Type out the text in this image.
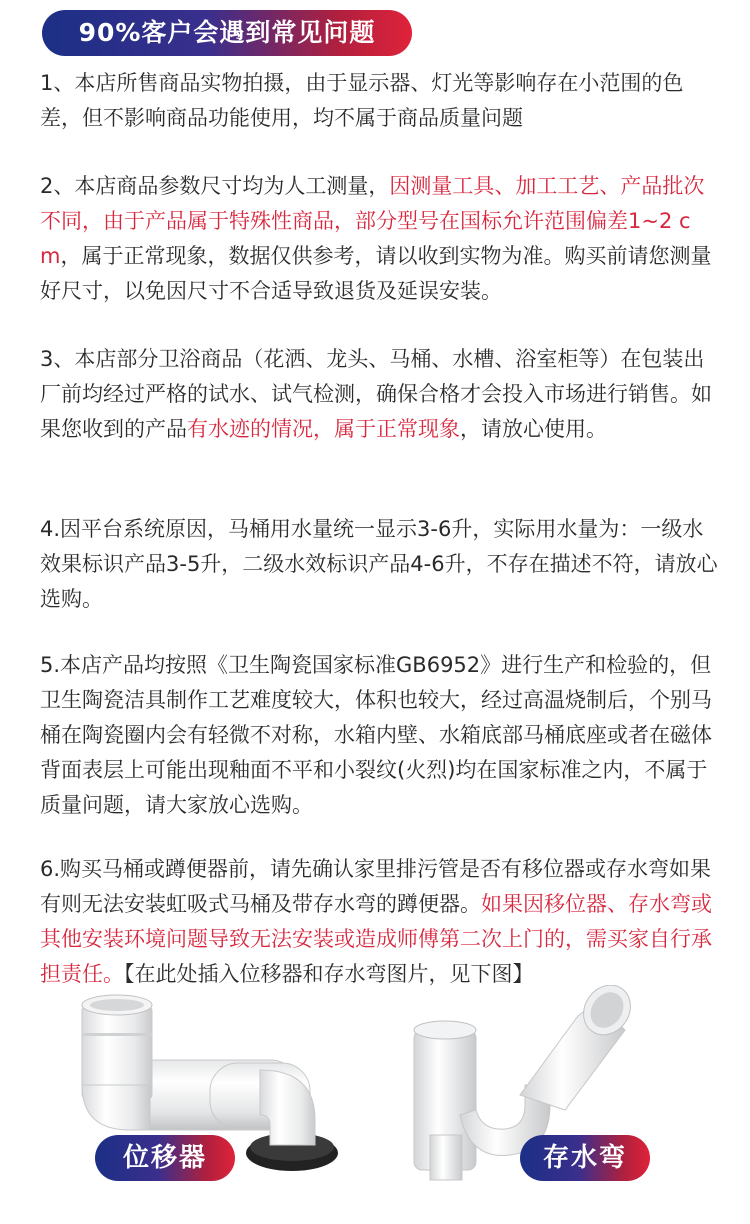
90%客户会遇到常见问题

1、本店所售商品实物拍摄，由于显示器、灯光等影响存在小范围的色差，但不影响商品功能使用，均不属于商品质量问题

2、本店商品参数尺寸均为人工测量，因测量工具、加工工艺、产品批次不同，由于产品属于特殊性商品，部分型号在国标允许范围偏差1~2 cm，属于正常现象，数据仅供参考，请以收到实物为准。购买前请您测量好尺寸，以免因尺寸不合适导致退货及延误安装。

3、本店部分卫浴商品（花洒、龙头、马桶、水槽、浴室柜等）在包装出厂前均经过严格的试水、试气检测，确保合格才会投入市场进行销售。如果您收到的产品有水迹的情况，属于正常现象，请放心使用。

4.因平台系统原因，马桶用水量统一显示3-6升，实际用水量为：一级水效果标识产品3-5升，二级水效标识产品4-6升，不存在描述不符，请放心选购。

5.本店产品均按照《卫生陶瓷国家标准GB6952》进行生产和检验的，但卫生陶瓷洁具制作工艺难度较大，体积也较大，经过高温烧制后，个别马桶在陶瓷圈内会有轻微不对称，水箱内壁、水箱底部马桶底座或者在磁体背面表层上可能出现釉面不平和小裂纹(火烈)均在国家标准之内，不属于质量问题，请大家放心选购。

6.购买马桶或蹲便器前，请先确认家里排污管是否有移位器或存水弯如果有则无法安装虹吸式马桶及带存水弯的蹲便器。如果因移位器、存水弯或其他安装环境问题导致无法安装或造成师傅第二次上门的，需买家自行承担责任。【在此处插入位移器和存水弯图片，见下图】

位移器	存水弯
